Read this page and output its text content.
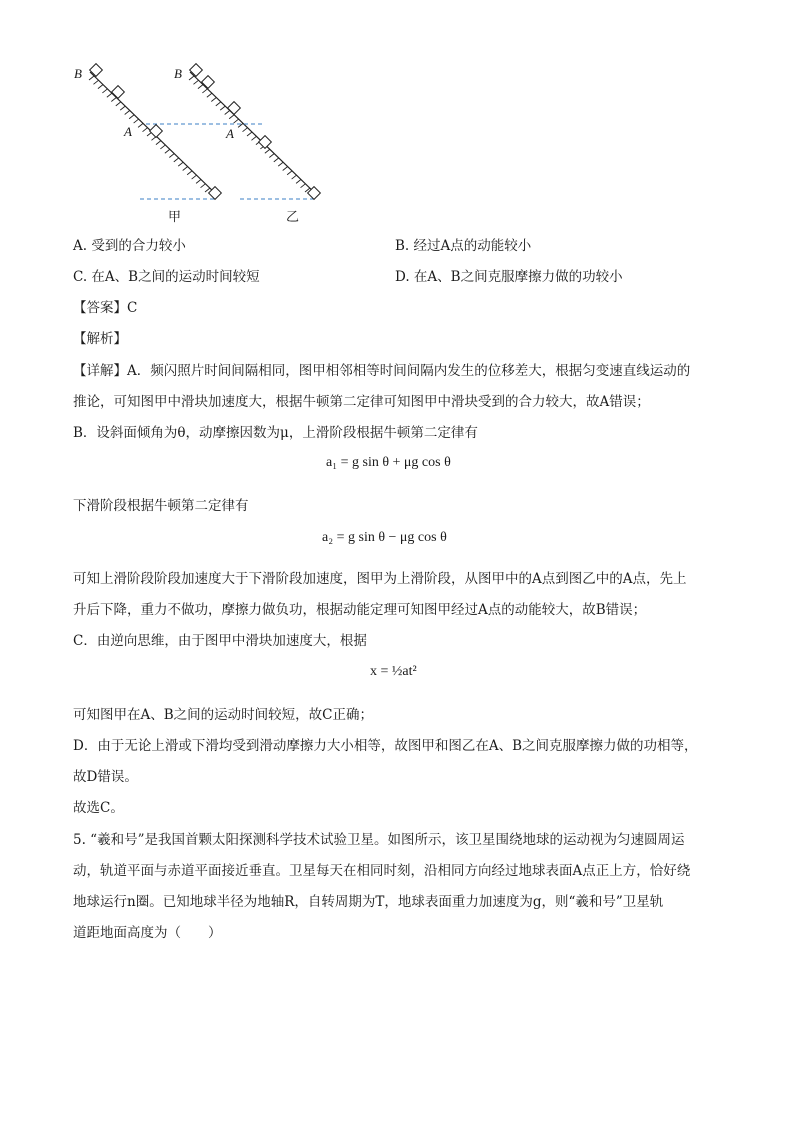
B
A
B
A
甲	乙
A. 受到的合力较小	B. 经过A点的动能较小
C. 在A、B之间的运动时间较短	D. 在A、B之间克服摩擦力做的功较小
【答案】C
【解析】
【详解】A．频闪照片时间间隔相同，图甲相邻相等时间间隔内发生的位移差大，根据匀变速直线运动的
推论，可知图甲中滑块加速度大，根据牛顿第二定律可知图甲中滑块受到的合力较大，故A错误；
B．设斜面倾角为θ，动摩擦因数为μ，上滑阶段根据牛顿第二定律有
a₁ = g sin θ + μg cos θ
下滑阶段根据牛顿第二定律有
a₂ = g sin θ − μg cos θ
可知上滑阶段阶段加速度大于下滑阶段加速度，图甲为上滑阶段，从图甲中的A点到图乙中的A点，先上
升后下降，重力不做功，摩擦力做负功，根据动能定理可知图甲经过A点的动能较大，故B错误；
C．由逆向思维，由于图甲中滑块加速度大，根据
x = ½at²
可知图甲在A、B之间的运动时间较短，故C正确；
D．由于无论上滑或下滑均受到滑动摩擦力大小相等，故图甲和图乙在A、B之间克服摩擦力做的功相等，
故D错误。
故选C。
5. “羲和号”是我国首颗太阳探测科学技术试验卫星。如图所示，该卫星围绕地球的运动视为匀速圆周运
动，轨道平面与赤道平面接近垂直。卫星每天在相同时刻，沿相同方向经过地球表面A点正上方，恰好绕
地球运行n圈。已知地球半径为地轴R，自转周期为T，地球表面重力加速度为g，则“羲和号”卫星轨
道距地面高度为（　　）
